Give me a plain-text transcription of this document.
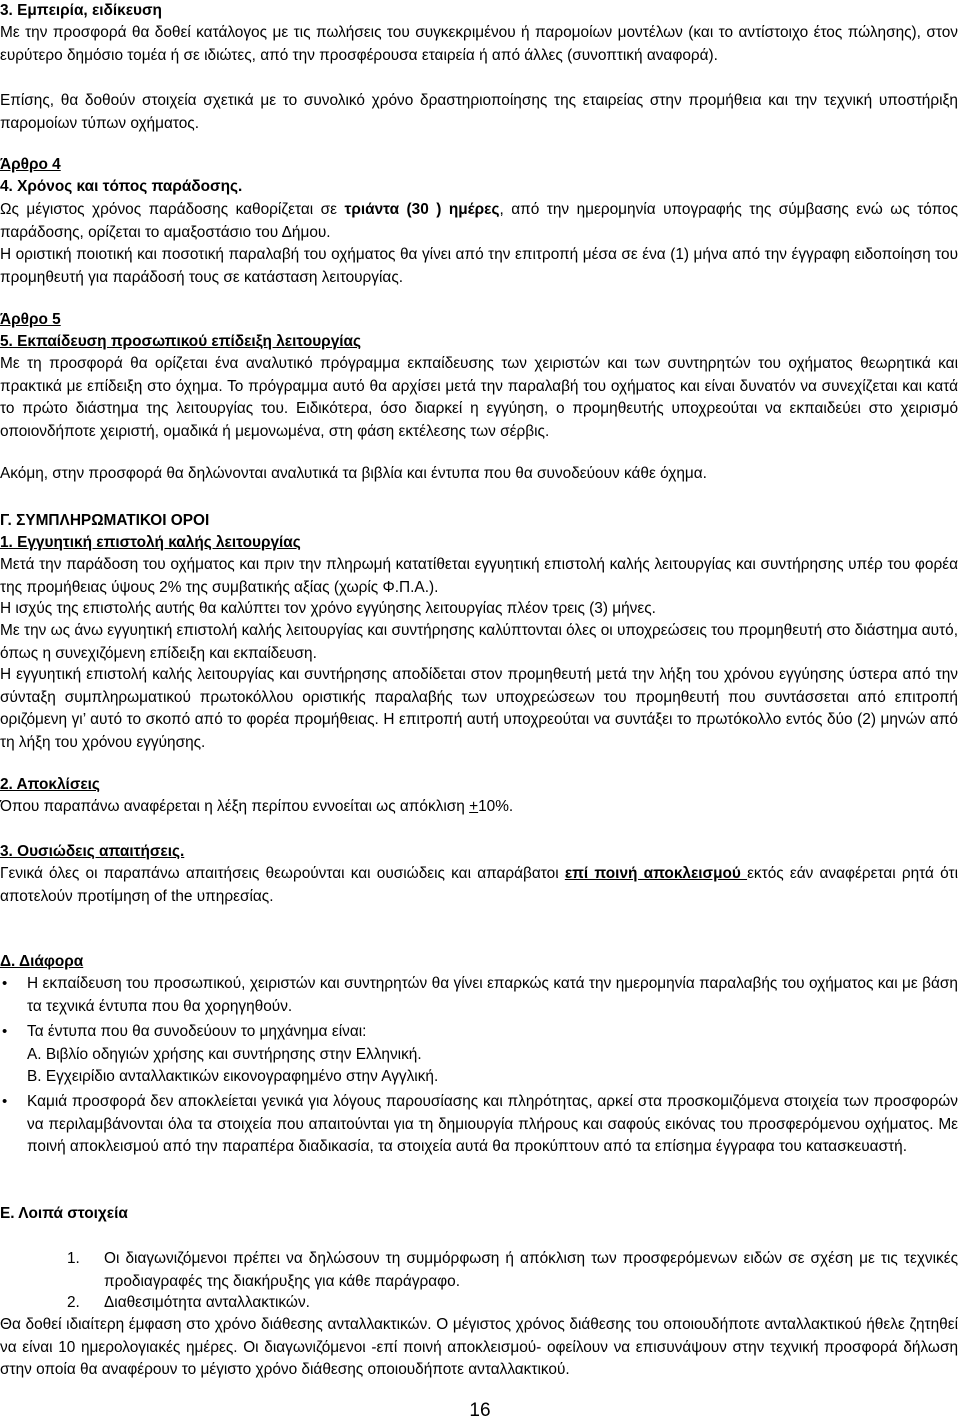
3. Εμπειρία, ειδίκευση

Με την προσφορά θα δοθεί κατάλογος με τις πωλήσεις του συγκεκριμένου ή παρομοίων μοντέλων (και το αντίστοιχο έτος πώλησης), στον ευρύτερο δημόσιο τομέα ή σε ιδιώτες, από την προσφέρουσα εταιρεία ή από άλλες (συνοπτική αναφορά).

Επίσης, θα δοθούν στοιχεία σχετικά με το συνολικό χρόνο δραστηριοποίησης της εταιρείας στην προμήθεια και την τεχνική υποστήριξη παρομοίων τύπων οχήματος.

Άρθρο 4
4. Χρόνος και τόπος παράδοσης.

Ως μέγιστος χρόνος παράδοσης καθορίζεται σε τριάντα (30 ) ημέρες, από την ημερομηνία υπογραφής της σύμβασης ενώ ως τόπος παράδοσης, ορίζεται το αμαξοστάσιο του Δήμου.

Η οριστική ποιοτική και ποσοτική παραλαβή του οχήματος θα γίνει από την επιτροπή μέσα σε ένα (1) μήνα από την έγγραφη ειδοποίηση του προμηθευτή για παράδοσή τους σε κατάσταση λειτουργίας.

Άρθρο 5
5. Εκπαίδευση προσωπικού επίδειξη λειτουργίας

Με τη προσφορά θα ορίζεται ένα αναλυτικό πρόγραμμα εκπαίδευσης των χειριστών και των συντηρητών του οχήματος θεωρητικά και πρακτικά με επίδειξη στο όχημα. Το πρόγραμμα αυτό θα αρχίσει μετά την παραλαβή του οχήματος και είναι δυνατόν να συνεχίζεται και κατά το πρώτο διάστημα της λειτουργίας του. Ειδικότερα, όσο διαρκεί η εγγύηση, ο προμηθευτής υποχρεούται να εκπαιδεύει στο χειρισμό οποιονδήποτε χειριστή, ομαδικά ή μεμονωμένα, στη φάση εκτέλεσης των σέρβις.

Ακόμη, στην προσφορά θα δηλώνονται αναλυτικά τα βιβλία και έντυπα που θα συνοδεύουν κάθε όχημα.

Γ. ΣΥΜΠΛΗΡΩΜΑΤΙΚΟΙ ΟΡΟΙ
1. Εγγυητική επιστολή καλής λειτουργίας

Μετά την παράδοση του οχήματος και πριν την πληρωμή κατατίθεται εγγυητική επιστολή καλής λειτουργίας και συντήρησης υπέρ του φορέα της προμήθειας ύψους 2% της συμβατικής αξίας (χωρίς Φ.Π.Α.).

Η ισχύς της επιστολής αυτής θα καλύπτει τον χρόνο εγγύησης λειτουργίας πλέον τρεις (3) μήνες.

Με την ως άνω εγγυητική επιστολή καλής λειτουργίας και συντήρησης καλύπτονται όλες οι υποχρεώσεις του προμηθευτή στο διάστημα αυτό, όπως η συνεχιζόμενη επίδειξη και εκπαίδευση.

Η εγγυητική επιστολή καλής λειτουργίας και συντήρησης αποδίδεται στον προμηθευτή μετά την λήξη του χρόνου εγγύησης ύστερα από την σύνταξη συμπληρωματικού πρωτοκόλλου οριστικής παραλαβής των υποχρεώσεων του προμηθευτή που συντάσσεται από επιτροπή οριζόμενη γι’ αυτό το σκοπό από το φορέα προμήθειας. Η επιτροπή αυτή υποχρεούται να συντάξει το πρωτόκολλο εντός δύο (2) μηνών από τη λήξη του χρόνου εγγύησης.

2. Αποκλίσεις

Όπου παραπάνω αναφέρεται η λέξη περίπου εννοείται ως απόκλιση +10%.

3. Ουσιώδεις απαιτήσεις.

Γενικά όλες οι παραπάνω απαιτήσεις θεωρούνται και ουσιώδεις και απαράβατοι επί ποινή αποκλεισμού εκτός εάν αναφέρεται ρητά ότι αποτελούν προτίμηση of the υπηρεσίας.

Δ. Διάφορα
• Η εκπαίδευση του προσωπικού, χειριστών και συντηρητών θα γίνει επαρκώς κατά την ημερομηνία παραλαβής του οχήματος και με βάση τα τεχνικά έντυπα που θα χορηγηθούν.
• Τα έντυπα που θα συνοδεύουν το μηχάνημα είναι:
Α. Βιβλίο οδηγιών χρήσης και συντήρησης στην Ελληνική.
Β. Εγχειρίδιο ανταλλακτικών εικονογραφημένο στην Αγγλική.
• Καμιά προσφορά δεν αποκλείεται γενικά για λόγους παρουσίασης και πληρότητας, αρκεί στα προσκομιζόμενα στοιχεία των προσφορών να περιλαμβάνονται όλα τα στοιχεία που απαιτούνται για τη δημιουργία πλήρους και σαφούς εικόνας του προσφερόμενου οχήματος. Με ποινή αποκλεισμού από την παραπέρα διαδικασία, τα στοιχεία αυτά θα προκύπτουν από τα επίσημα έγγραφα του κατασκευαστή.
Ε. Λοιπά στοιχεία
1. Οι διαγωνιζόμενοι πρέπει να δηλώσουν τη συμμόρφωση ή απόκλιση των προσφερόμενων ειδών σε σχέση με τις τεχνικές προδιαγραφές της διακήρυξης για κάθε παράγραφο.
2. Διαθεσιμότητα ανταλλακτικών.

Θα δοθεί ιδιαίτερη έμφαση στο χρόνο διάθεσης ανταλλακτικών. Ο μέγιστος χρόνος διάθεσης του οποιουδήποτε ανταλλακτικού ήθελε ζητηθεί να είναι 10 ημερολογιακές ημέρες. Οι διαγωνιζόμενοι -επί ποινή αποκλεισμού- οφείλουν να επισυνάψουν στην τεχνική προσφορά δήλωση στην οποία θα αναφέρουν το μέγιστο χρόνο διάθεσης οποιουδήποτε ανταλλακτικού.

16
